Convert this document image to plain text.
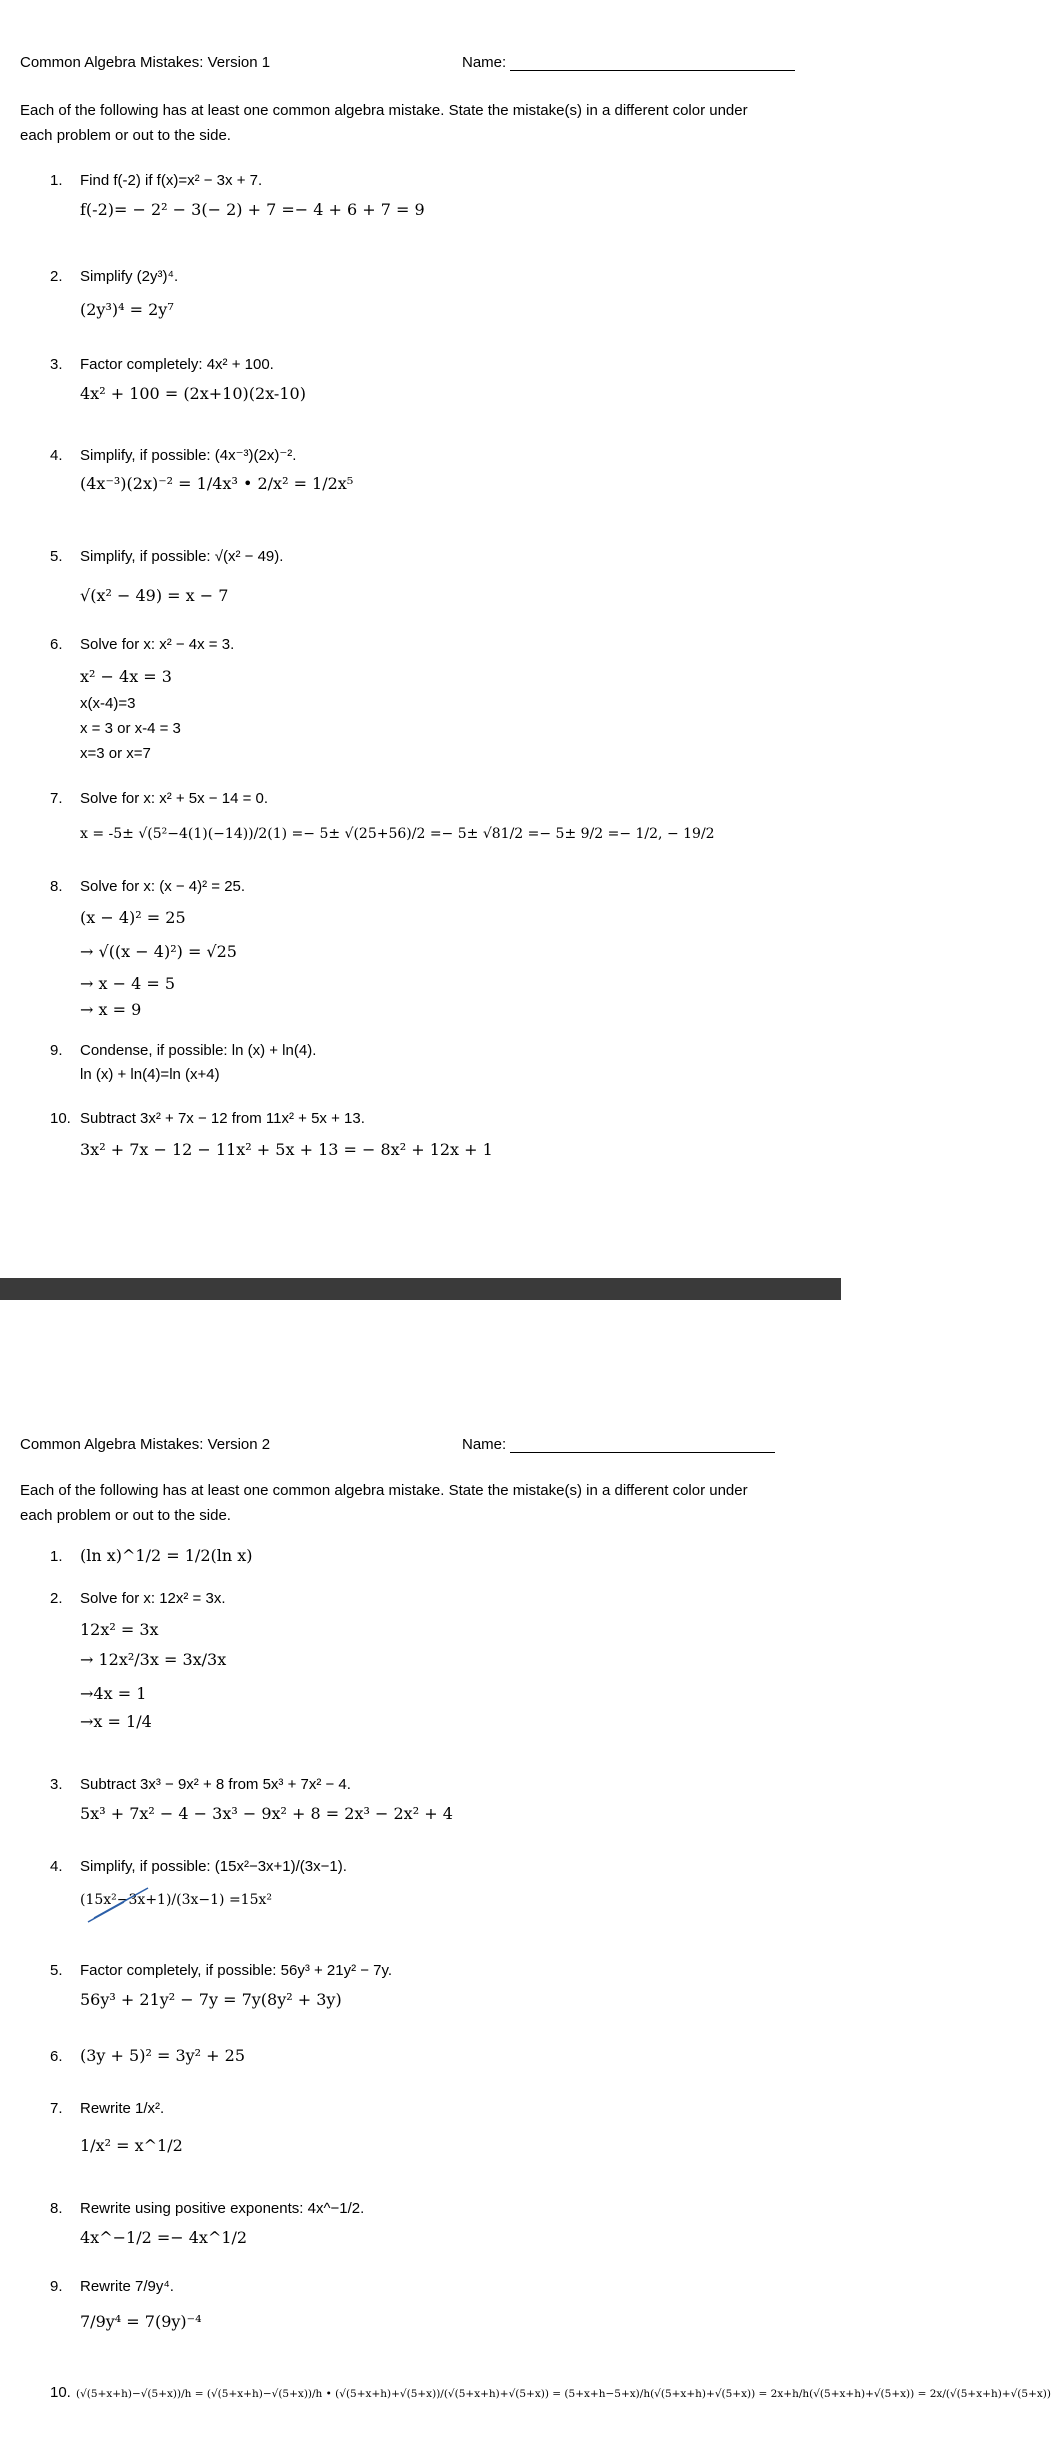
Common Algebra Mistakes: Version 1	Name:
Each of the following has at least one common algebra mistake. State the mistake(s) in a different color under
each problem or out to the side.
1. Find f(-2) if f(x)=x² − 3x + 7.
f(-2)= − 2² − 3(− 2) + 7 =− 4 + 6 + 7 = 9
2. Simplify (2y³)⁴.
(2y³)⁴ = 2y⁷
3. Factor completely: 4x² + 100.
4x² + 100 = (2x+10)(2x-10)
4. Simplify, if possible: (4x⁻³)(2x)⁻².
(4x⁻³)(2x)⁻² = 1/4x³ • 2/x² = 1/2x⁵
5. Simplify, if possible: √(x² − 49).
√(x² − 49) = x − 7
6. Solve for x: x² − 4x = 3.
x² − 4x = 3
x(x-4)=3
x = 3 or x-4 = 3
x=3 or x=7
7. Solve for x: x² + 5x − 14 = 0.
x = -5± √(5²−4(1)(−14))/2(1) =− 5± √(25+56)/2 =− 5± √81/2 =− 5± 9/2 =− 1/2, − 19/2
8. Solve for x: (x − 4)² = 25.
(x − 4)² = 25
→ √((x − 4)²) = √25
→ x − 4 = 5
→ x = 9
9. Condense, if possible: ln (x) + ln(4).
ln (x) + ln(4)=ln (x+4)
10. Subtract 3x² + 7x − 12 from 11x² + 5x + 13.
3x² + 7x − 12 − 11x² + 5x + 13 = − 8x² + 12x + 1
Common Algebra Mistakes: Version 2	Name:
Each of the following has at least one common algebra mistake. State the mistake(s) in a different color under
each problem or out to the side.
1. (ln x)^1/2 = 1/2(ln x)
2. Solve for x: 12x² = 3x.
12x² = 3x
→ 12x²/3x = 3x/3x
→4x = 1
→x = 1/4
3. Subtract 3x³ − 9x² + 8 from 5x³ + 7x² − 4.
5x³ + 7x² − 4 − 3x³ − 9x² + 8 = 2x³ − 2x² + 4
4. Simplify, if possible: (15x²−3x+1)/(3x−1).
(15x²−3x+1)/(3x−1) =15x²
5. Factor completely, if possible: 56y³ + 21y² − 7y.
56y³ + 21y² − 7y = 7y(8y² + 3y)
6. (3y + 5)² = 3y² + 25
7. Rewrite 1/x².
1/x² = x^1/2
8. Rewrite using positive exponents: 4x^−1/2.
4x^−1/2 =− 4x^1/2
9. Rewrite 7/9y⁴.
7/9y⁴ = 7(9y)⁻⁴
10. (√(5+x+h)−√(5+x))/h = (√(5+x+h)−√(5+x))/h • (√(5+x+h)+√(5+x))/(√(5+x+h)+√(5+x)) = (5+x+h−5+x)/h(√(5+x+h)+√(5+x)) = 2x+h/h(√(5+x+h)+√(5+x)) = 2x/(√(5+x+h)+√(5+x))
